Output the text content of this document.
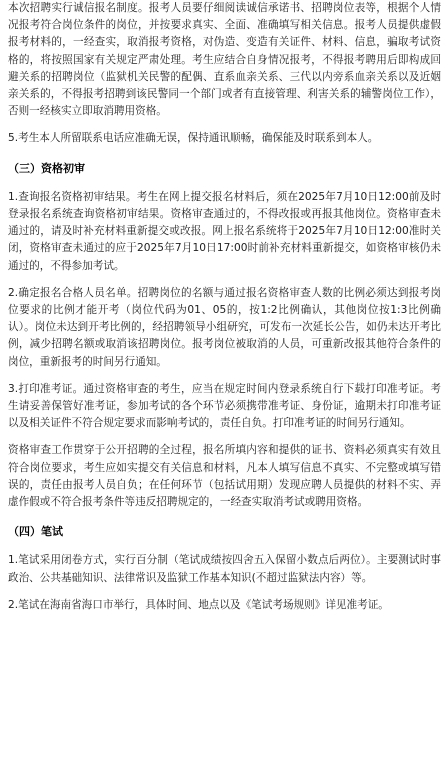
本次招聘实行诚信报名制度。报考人员要仔细阅读诚信承诺书、招聘岗位表等，根据个人情况报考符合岗位条件的岗位，并按要求真实、全面、准确填写相关信息。报考人员提供虚假报考材料的，一经查实，取消报考资格，对伪造、变造有关证件、材料、信息，骗取考试资格的，将按照国家有关规定严肃处理。考生应结合自身情况报考，不得报考聘用后即构成回避关系的招聘岗位（监狱机关民警的配偶、直系血亲关系、三代以内旁系血亲关系以及近姻亲关系的，不得报考招聘到该民警同一个部门或者有直接管理、利害关系的辅警岗位工作），否则一经核实立即取消聘用资格。

5.考生本人所留联系电话应准确无误，保持通讯顺畅，确保能及时联系到本人。

（三）资格初审

1.查询报名资格初审结果。考生在网上提交报名材料后，须在2025年7月10日12:00前及时登录报名系统查询资格初审结果。资格审查通过的，不得改报或再报其他岗位。资格审查未通过的，请及时补充材料重新提交或改报。网上报名系统将于2025年7月10日12:00准时关闭，资格审查未通过的应于2025年7月10日17:00时前补充材料重新提交，如资格审核仍未通过的，不得参加考试。

2.确定报名合格人员名单。招聘岗位的名额与通过报名资格审查人数的比例必须达到报考岗位要求的比例才能开考（岗位代码为01、05的，按1:2比例确认，其他岗位按1:3比例确认）。岗位未达到开考比例的，经招聘领导小组研究，可发布一次延长公告，如仍未达开考比例，减少招聘名额或取消该招聘岗位。报考岗位被取消的人员，可重新改报其他符合条件的岗位，重新报考的时间另行通知。

3.打印准考证。通过资格审查的考生，应当在规定时间内登录系统自行下载打印准考证。考生请妥善保管好准考证，参加考试的各个环节必须携带准考证、身份证，逾期未打印准考证以及相关证件不符合规定要求而影响考试的，责任自负。打印准考证的时间另行通知。

资格审查工作贯穿于公开招聘的全过程，报名所填内容和提供的证书、资料必须真实有效且符合岗位要求，考生应如实提交有关信息和材料，凡本人填写信息不真实、不完整或填写错误的，责任由报考人员自负；在任何环节（包括试用期）发现应聘人员提供的材料不实、弄虚作假或不符合报考条件等违反招聘规定的，一经查实取消考试或聘用资格。

（四）笔试

1.笔试采用闭卷方式，实行百分制（笔试成绩按四舍五入保留小数点后两位）。主要测试时事政治、公共基础知识、法律常识及监狱工作基本知识(不超过监狱法内容）等。

2.笔试在海南省海口市举行，具体时间、地点以及《笔试考场规则》详见准考证。
